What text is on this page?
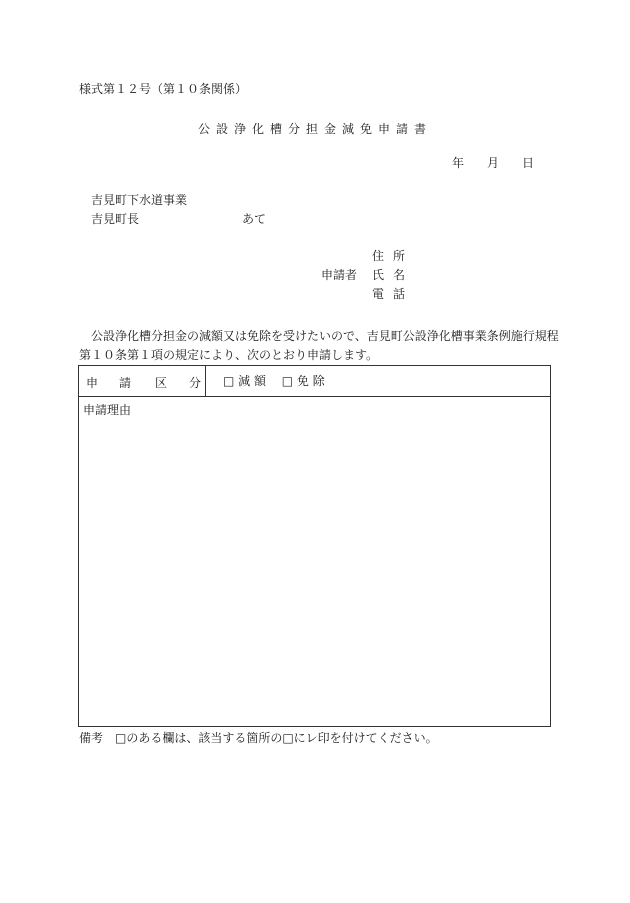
様式第１２号（第１０条関係）
公設浄化槽分担金減免申請書
年 月 日
吉見町下水道事業
吉見町長	あて
申請者
住所
氏名
電話
公設浄化槽分担金の減額又は免除を受けたいので、吉見町公設浄化槽事業条例施行規程
第１０条第１項の規定により、次のとおり申請します。
申 請 区 分 □ 減 額　 □ 免 除
申請理由
備考　□のある欄は、該当する箇所の□にレ印を付けてください。
